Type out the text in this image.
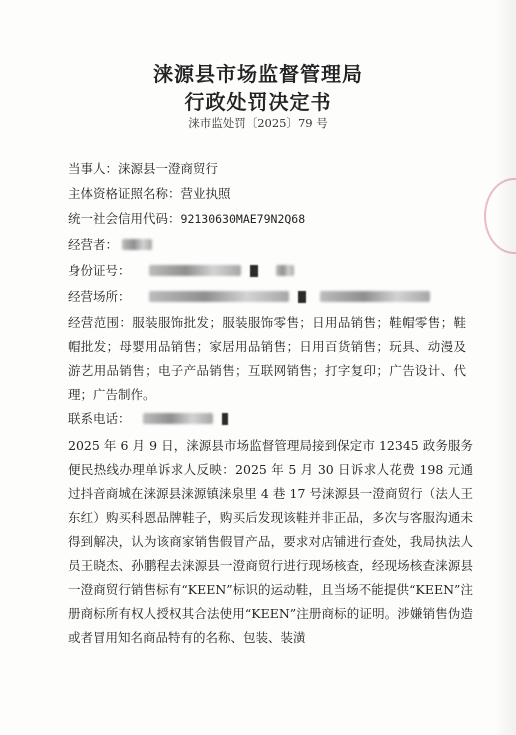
涞源县市场监督管理局
行政处罚决定书
涞市监处罚〔2025〕79 号
当事人：涞源县一澄商贸行
主体资格证照名称：营业执照
统一社会信用代码：92130630MAE79N2Q68
经营者：
身份证号：
经营场所：
经营范围：服装服饰批发；服装服饰零售；日用品销售；鞋帽零售；鞋帽批发；母婴用品销售；家居用品销售；日用百货销售；玩具、动漫及游艺用品销售；电子产品销售；互联网销售；打字复印；广告设计、代理；广告制作。
联系电话：

2025 年 6 月 9 日，涞源县市场监督管理局接到保定市 12345 政务服务便民热线办理单诉求人反映：2025 年 5 月 30 日诉求人花费 198 元通过抖音商城在涞源县涞源镇涞泉里 4 巷 17 号涞源县一澄商贸行（法人王东红）购买科恩品牌鞋子，购买后发现该鞋并非正品，多次与客服沟通未得到解决，认为该商家销售假冒产品，要求对店铺进行查处，我局执法人员王晓杰、孙鹏程去涞源县一澄商贸行进行现场核查，经现场核查涞源县一澄商贸行销售标有“KEEN”标识的运动鞋，且当场不能提供“KEEN”注册商标所有权人授权其合法使用“KEEN”注册商标的证明。涉嫌销售伪造或者冒用知名商品特有的名称、包装、装潢
